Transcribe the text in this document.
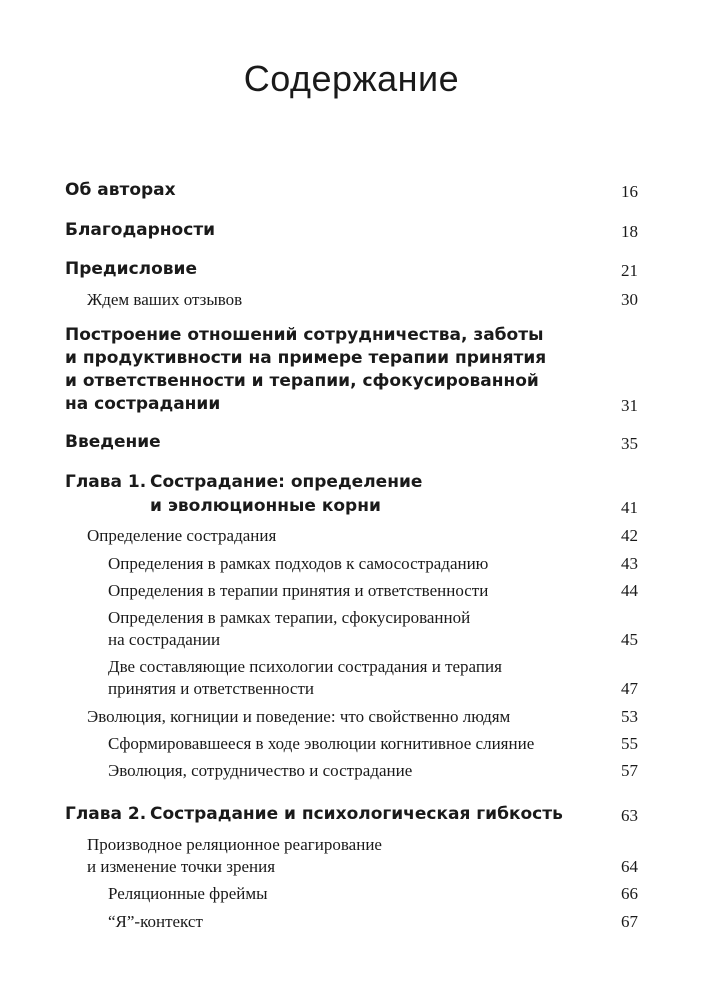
Содержание
Об авторах	16
Благодарности	18
Предисловие	21
Ждем ваших отзывов	30
Построение отношений сотрудничества, заботы
и продуктивности на примере терапии принятия
и ответственности и терапии, сфокусированной
на сострадании	31
Введение	35
Глава 1. Сострадание: определение
и эволюционные корни	41
Определение сострадания	42
Определения в рамках подходов к самосостраданию	43
Определения в терапии принятия и ответственности	44
Определения в рамках терапии, сфокусированной
на сострадании	45
Две составляющие психологии сострадания и терапия
принятия и ответственности	47
Эволюция, когниции и поведение: что свойственно людям	53
Сформировавшееся в ходе эволюции когнитивное слияние	55
Эволюция, сотрудничество и сострадание	57
Глава 2. Сострадание и психологическая гибкость	63
Производное реляционное реагирование
и изменение точки зрения	64
Реляционные фреймы	66
“Я”-контекст	67
